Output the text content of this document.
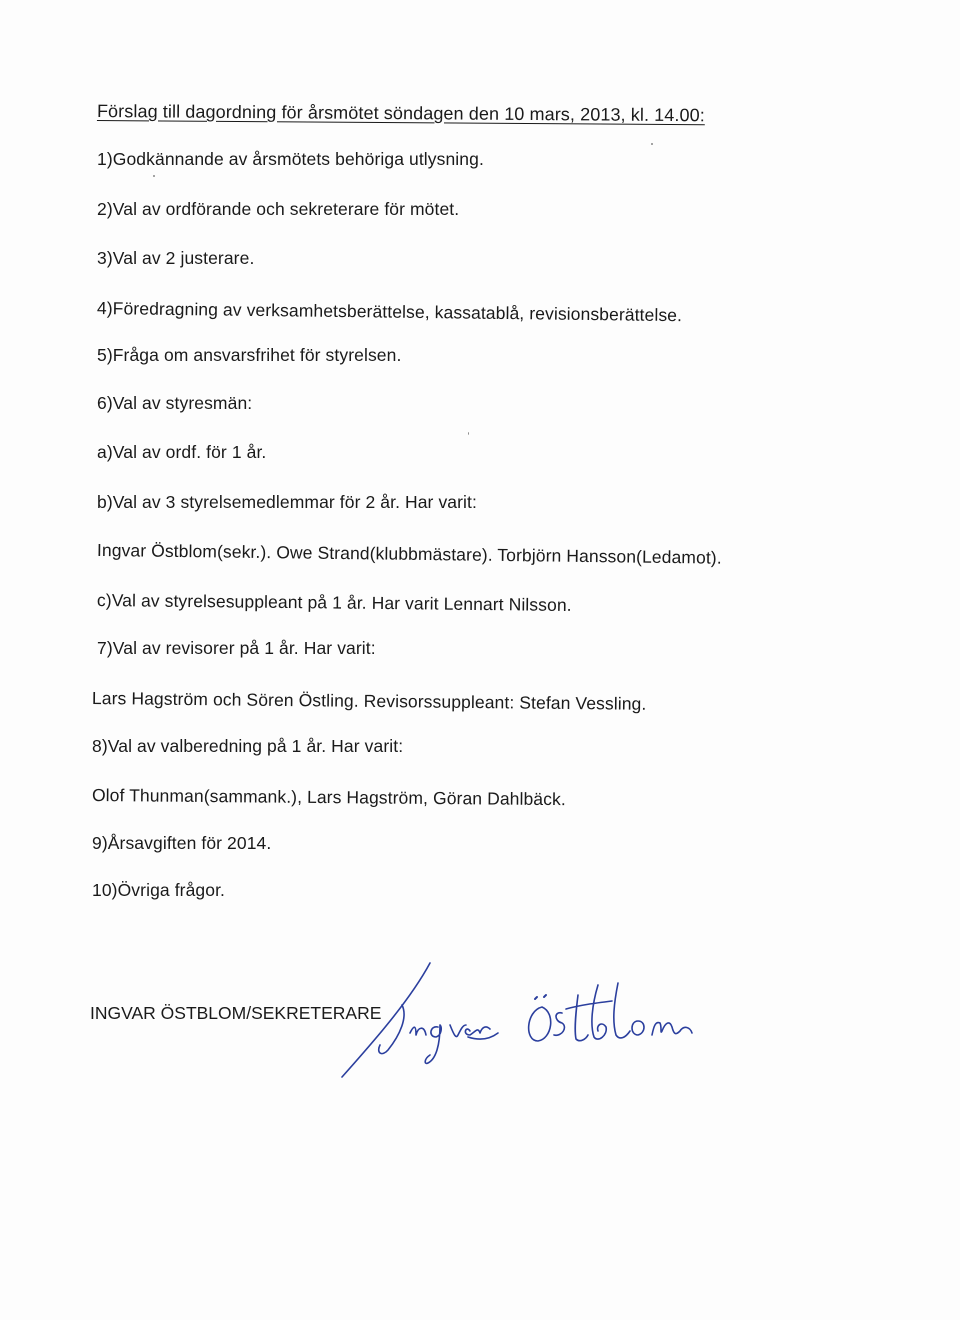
Förslag till dagordning för årsmötet söndagen den 10 mars, 2013, kl. 14.00:
1)Godkännande av årsmötets behöriga utlysning.
2)Val av ordförande och sekreterare för mötet.
3)Val av 2 justerare.
4)Föredragning av verksamhetsberättelse, kassatablå, revisionsberättelse.
5)Fråga om ansvarsfrihet för styrelsen.
6)Val av styresmän:
a)Val av ordf. för 1 år.
b)Val av 3 styrelsemedlemmar för 2 år. Har varit:
Ingvar Östblom(sekr.). Owe Strand(klubbmästare). Torbjörn Hansson(Ledamot).
c)Val av styrelsesuppleant på 1 år. Har varit Lennart Nilsson.
7)Val av revisorer på 1 år. Har varit:
Lars Hagström och Sören Östling. Revisorssuppleant: Stefan Vessling.
8)Val av valberedning på 1 år. Har varit:
Olof Thunman(sammank.), Lars Hagström, Göran Dahlbäck.
9)Årsavgiften för 2014.
10)Övriga frågor.
INGVAR ÖSTBLOM/SEKRETERARE
